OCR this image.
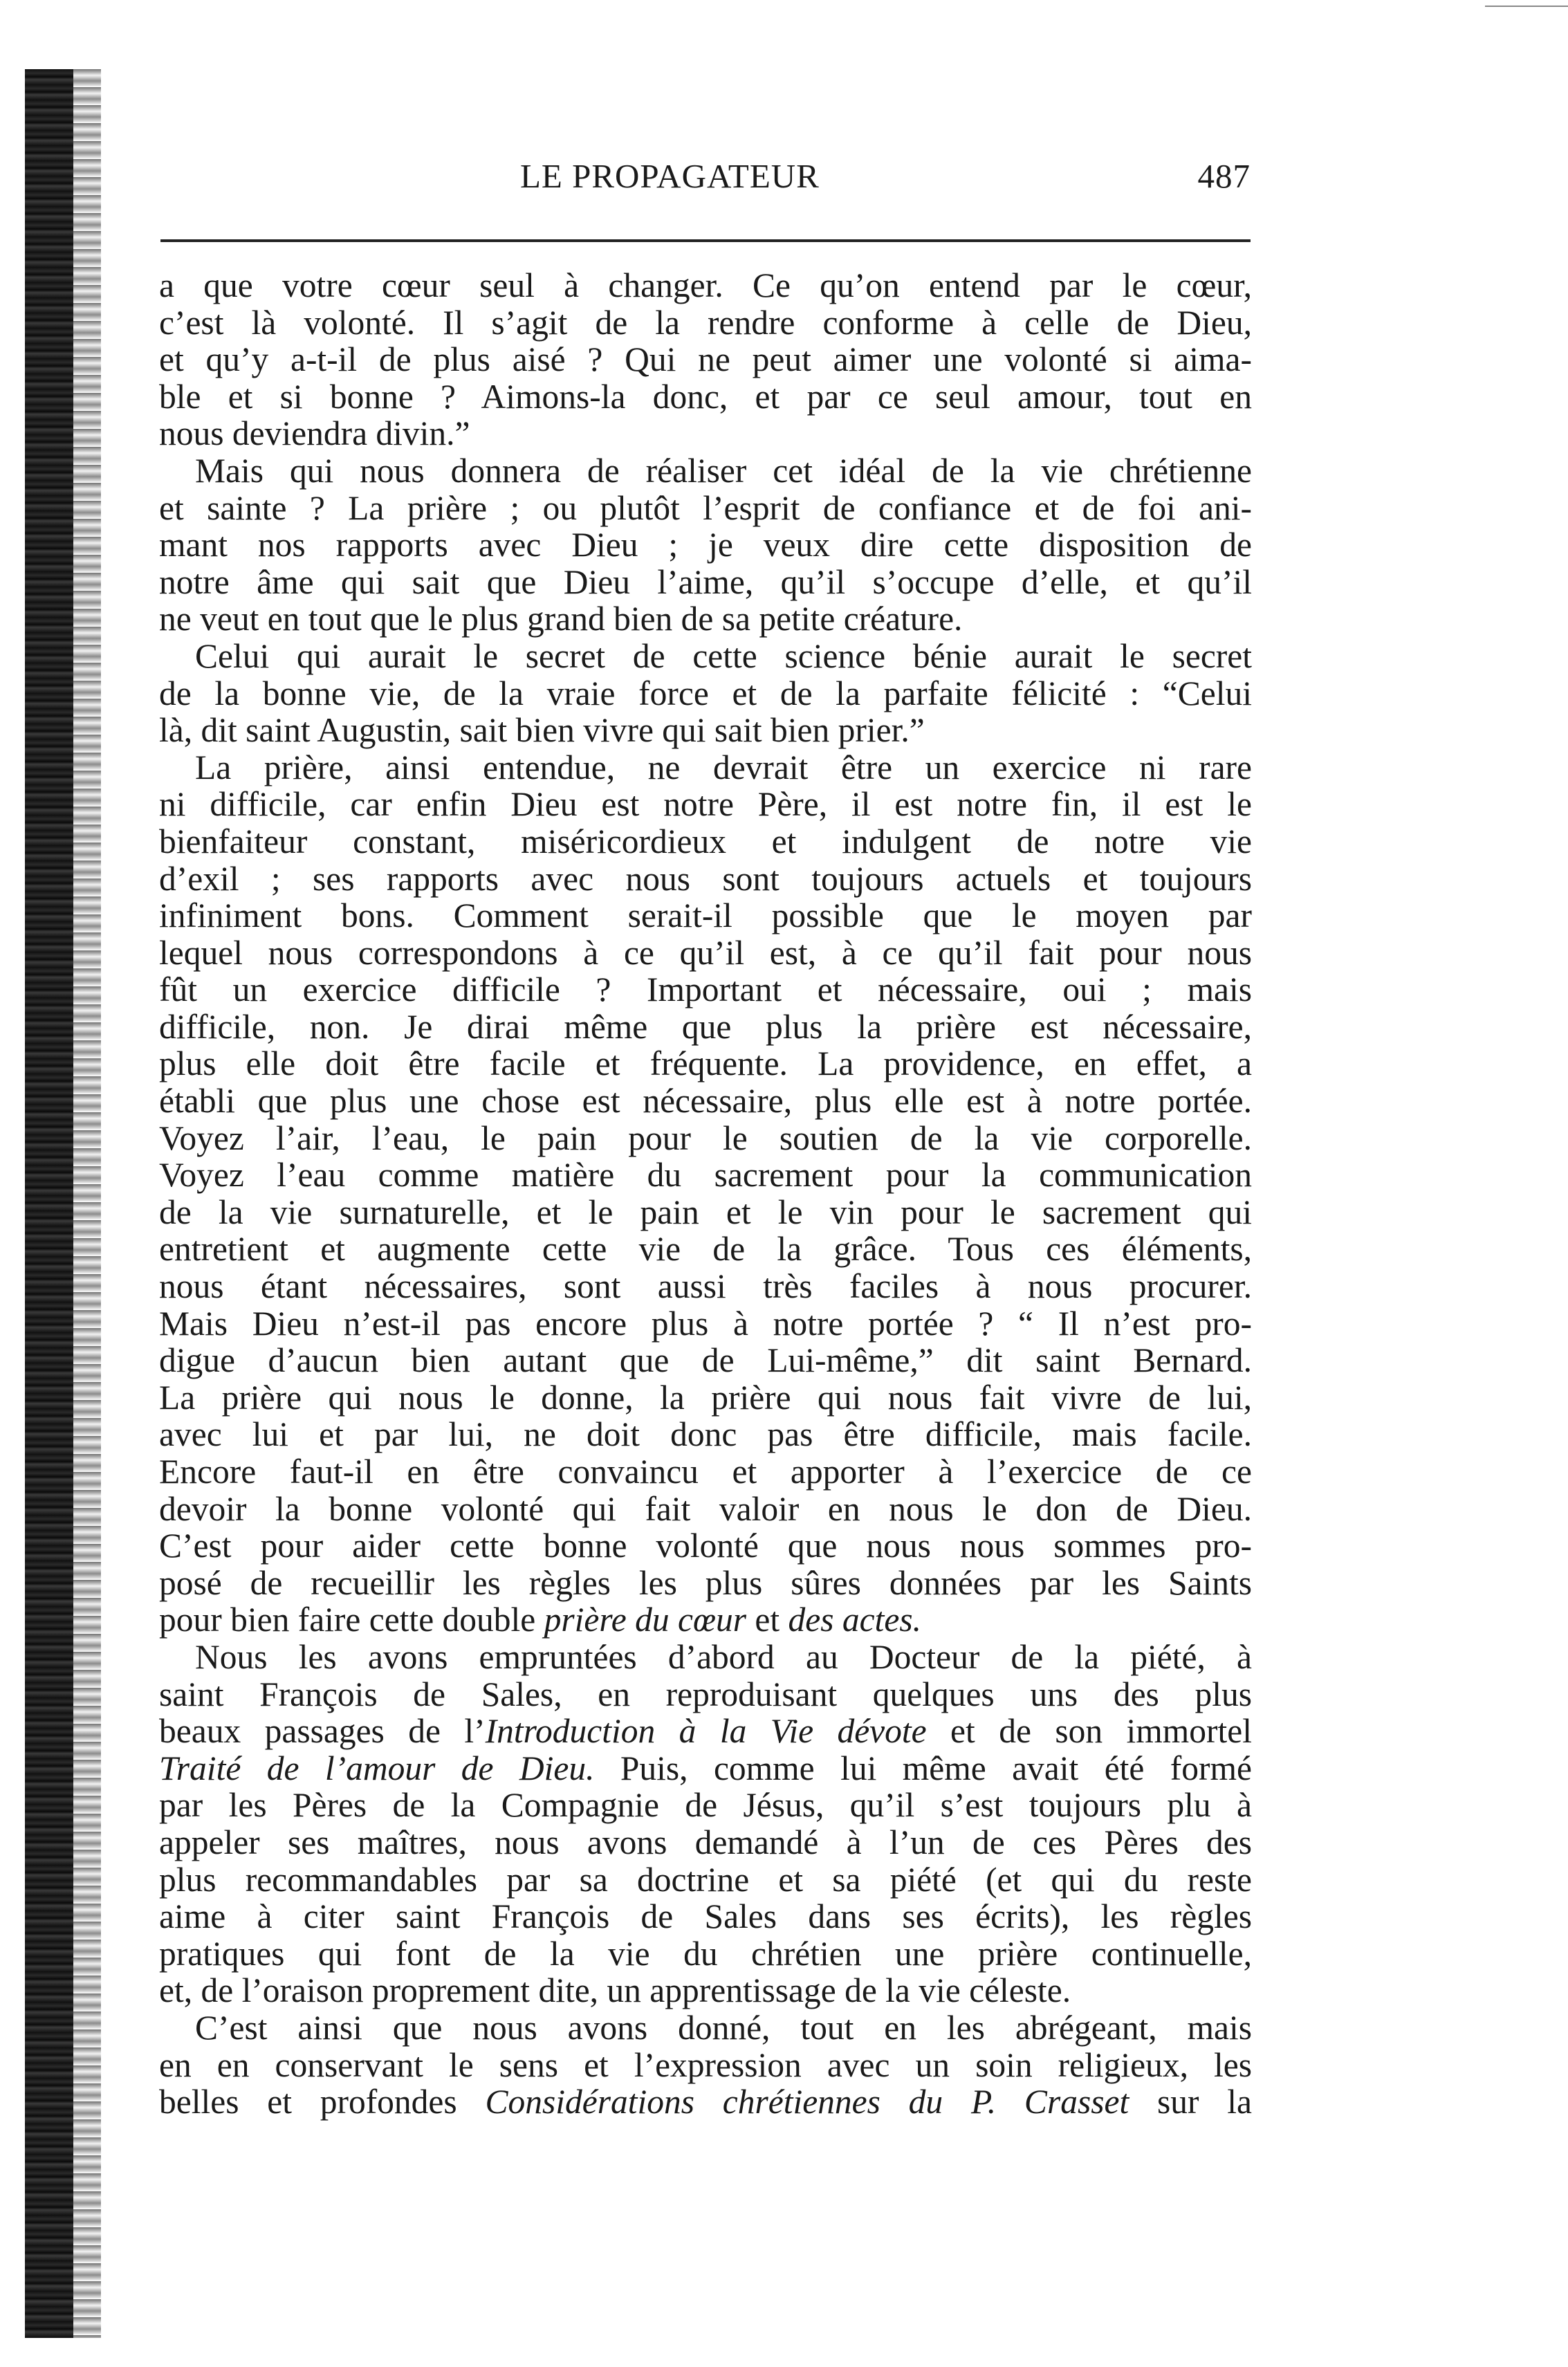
LE PROPAGATEUR	487
a que votre cœur seul à changer. Ce qu’on entend par le cœur,
c’est là volonté. Il s’agit de la rendre conforme à celle de Dieu,
et qu’y a-t-il de plus aisé ? Qui ne peut aimer une volonté si aima-
ble et si bonne ? Aimons-la donc, et par ce seul amour, tout en
nous deviendra divin.”
Mais qui nous donnera de réaliser cet idéal de la vie chrétienne
et sainte ? La prière ; ou plutôt l’esprit de confiance et de foi ani-
mant nos rapports avec Dieu ; je veux dire cette disposition de
notre âme qui sait que Dieu l’aime, qu’il s’occupe d’elle, et qu’il
ne veut en tout que le plus grand bien de sa petite créature.
Celui qui aurait le secret de cette science bénie aurait le secret
de la bonne vie, de la vraie force et de la parfaite félicité : “Celui
là, dit saint Augustin, sait bien vivre qui sait bien prier.”
La prière, ainsi entendue, ne devrait être un exercice ni rare
ni difficile, car enfin Dieu est notre Père, il est notre fin, il est le
bienfaiteur constant, miséricordieux et indulgent de notre vie
d’exil ; ses rapports avec nous sont toujours actuels et toujours
infiniment bons. Comment serait-il possible que le moyen par
lequel nous correspondons à ce qu’il est, à ce qu’il fait pour nous
fût un exercice difficile ? Important et nécessaire, oui ; mais
difficile, non. Je dirai même que plus la prière est nécessaire,
plus elle doit être facile et fréquente. La providence, en effet, a
établi que plus une chose est nécessaire, plus elle est à notre portée.
Voyez l’air, l’eau, le pain pour le soutien de la vie corporelle.
Voyez l’eau comme matière du sacrement pour la communication
de la vie surnaturelle, et le pain et le vin pour le sacrement qui
entretient et augmente cette vie de la grâce. Tous ces éléments,
nous étant nécessaires, sont aussi très faciles à nous procurer.
Mais Dieu n’est-il pas encore plus à notre portée ? “ Il n’est pro-
digue d’aucun bien autant que de Lui-même,” dit saint Bernard.
La prière qui nous le donne, la prière qui nous fait vivre de lui,
avec lui et par lui, ne doit donc pas être difficile, mais facile.
Encore faut-il en être convaincu et apporter à l’exercice de ce
devoir la bonne volonté qui fait valoir en nous le don de Dieu.
C’est pour aider cette bonne volonté que nous nous sommes pro-
posé de recueillir les règles les plus sûres données par les Saints
pour bien faire cette double prière du cœur et des actes.
Nous les avons empruntées d’abord au Docteur de la piété, à
saint François de Sales, en reproduisant quelques uns des plus
beaux passages de l’Introduction à la Vie dévote et de son immortel
Traité de l’amour de Dieu. Puis, comme lui même avait été formé
par les Pères de la Compagnie de Jésus, qu’il s’est toujours plu à
appeler ses maîtres, nous avons demandé à l’un de ces Pères des
plus recommandables par sa doctrine et sa piété (et qui du reste
aime à citer saint François de Sales dans ses écrits), les règles
pratiques qui font de la vie du chrétien une prière continuelle,
et, de l’oraison proprement dite, un apprentissage de la vie céleste.
C’est ainsi que nous avons donné, tout en les abrégeant, mais
en en conservant le sens et l’expression avec un soin religieux, les
belles et profondes Considérations chrétiennes du P. Crasset sur la
